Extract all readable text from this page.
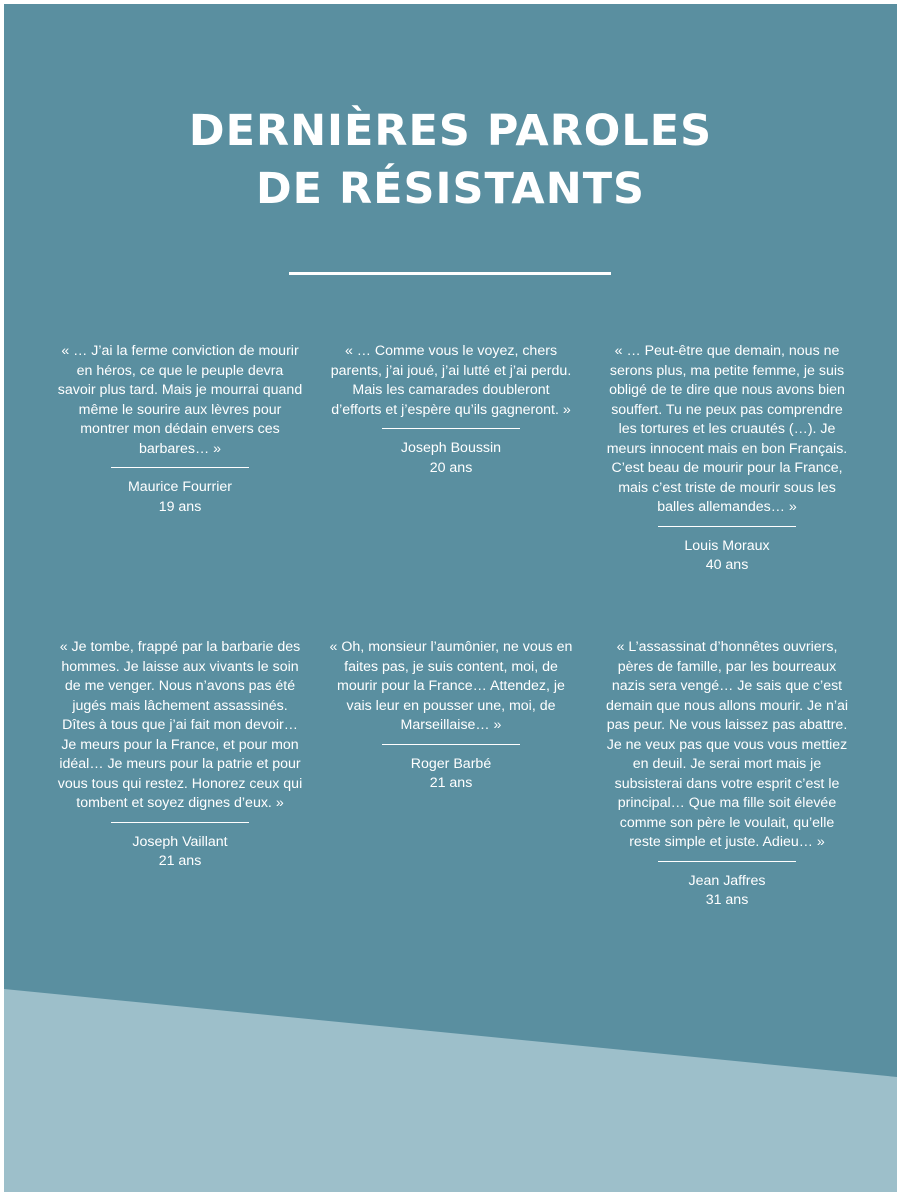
DERNIÈRES PAROLES
DE RÉSISTANTS
« … J’ai la ferme conviction de mourir en héros, ce que le peuple devra savoir plus tard. Mais je mourrai quand même le sourire aux lèvres pour montrer mon dédain envers ces barbares… »
Maurice Fourrier
19 ans
« … Comme vous le voyez, chers parents, j’ai joué, j’ai lutté et j’ai perdu. Mais les camarades doubleront d’efforts et j’espère qu’ils gagneront. »
Joseph Boussin
20 ans
« … Peut-être que demain, nous ne serons plus, ma petite femme, je suis obligé de te dire que nous avons bien souffert. Tu ne peux pas comprendre les tortures et les cruautés (…). Je meurs innocent mais en bon Français. C’est beau de mourir pour la France, mais c’est triste de mourir sous les balles allemandes… »
Louis Moraux
40 ans
« Je tombe, frappé par la barbarie des hommes. Je laisse aux vivants le soin de me venger. Nous n’avons pas été jugés mais lâchement assassinés. Dîtes à tous que j’ai fait mon devoir… Je meurs pour la France, et pour mon idéal… Je meurs pour la patrie et pour vous tous qui restez. Honorez ceux qui tombent et soyez dignes d’eux. »
Joseph Vaillant
21 ans
« Oh, monsieur l’aumônier, ne vous en faites pas, je suis content, moi, de mourir pour la France… Attendez, je vais leur en pousser une, moi, de Marseillaise… »
Roger Barbé
21 ans
« L’assassinat d’honnêtes ouvriers, pères de famille, par les bourreaux nazis sera vengé… Je sais que c’est demain que nous allons mourir. Je n’ai pas peur. Ne vous laissez pas abattre. Je ne veux pas que vous vous mettiez en deuil. Je serai mort mais je subsisterai dans votre esprit c’est le principal… Que ma fille soit élevée comme son père le voulait, qu’elle reste simple et juste. Adieu… »
Jean Jaffres
31 ans
